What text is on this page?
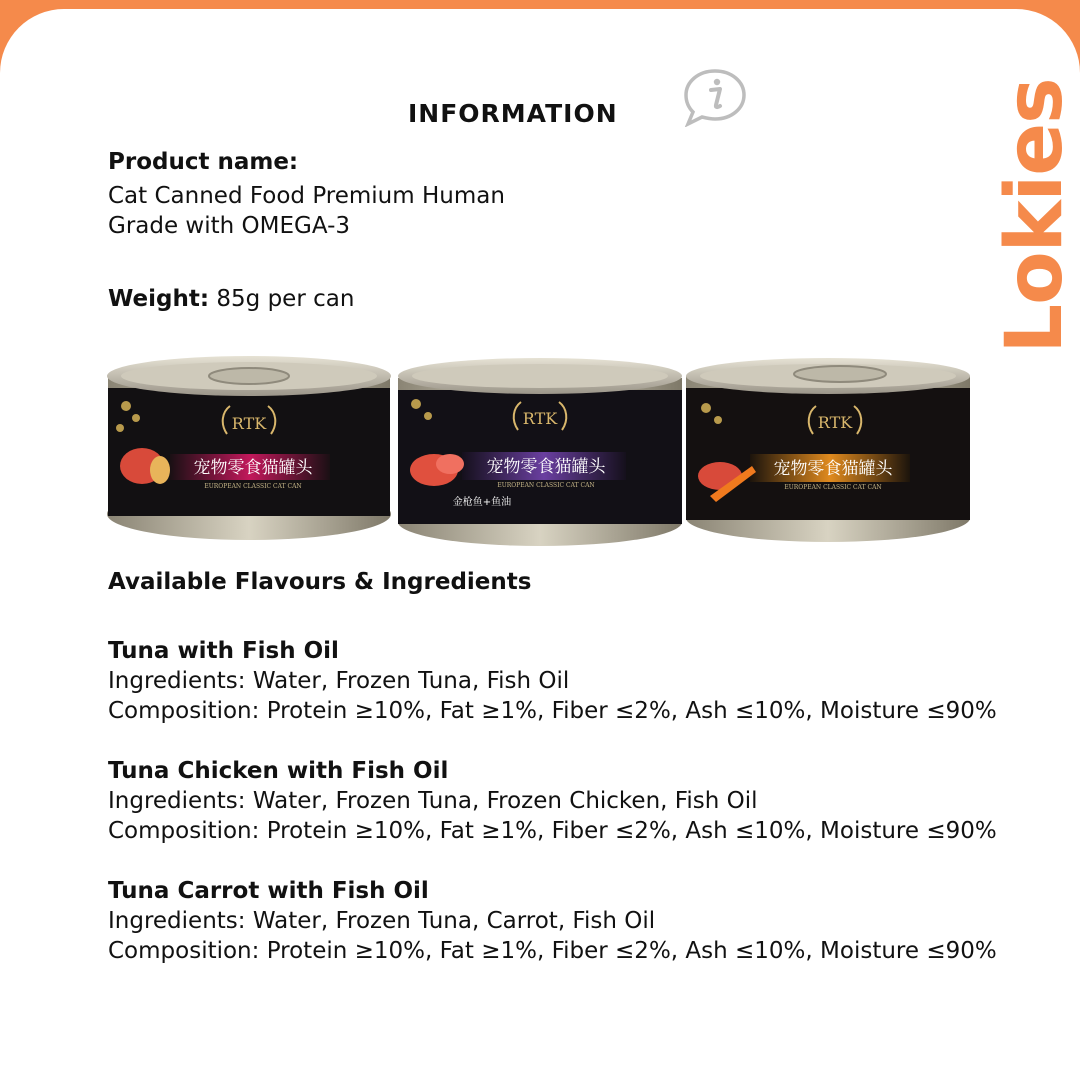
information	Lokies
Product name:
Cat Canned Food Premium Human
Grade with OMEGA-3
Weight: 85g per can
RTK
宠物零食猫罐头
EUROPEAN CLASSIC CAT CAN
RTK
宠物零食猫罐头
EUROPEAN CLASSIC CAT CAN
金枪鱼+鱼油
RTK
宠物零食猫罐头
EUROPEAN CLASSIC CAT CAN
Available Flavours & Ingredients
Tuna with Fish Oil
Ingredients: Water, Frozen Tuna, Fish Oil
Composition: Protein ≥10%, Fat ≥1%, Fiber ≤2%, Ash ≤10%, Moisture ≤90%
Tuna Chicken with Fish Oil
Ingredients: Water, Frozen Tuna, Frozen Chicken, Fish Oil
Composition: Protein ≥10%, Fat ≥1%, Fiber ≤2%, Ash ≤10%, Moisture ≤90%
Tuna Carrot with Fish Oil
Ingredients: Water, Frozen Tuna, Carrot, Fish Oil
Composition: Protein ≥10%, Fat ≥1%, Fiber ≤2%, Ash ≤10%, Moisture ≤90%
